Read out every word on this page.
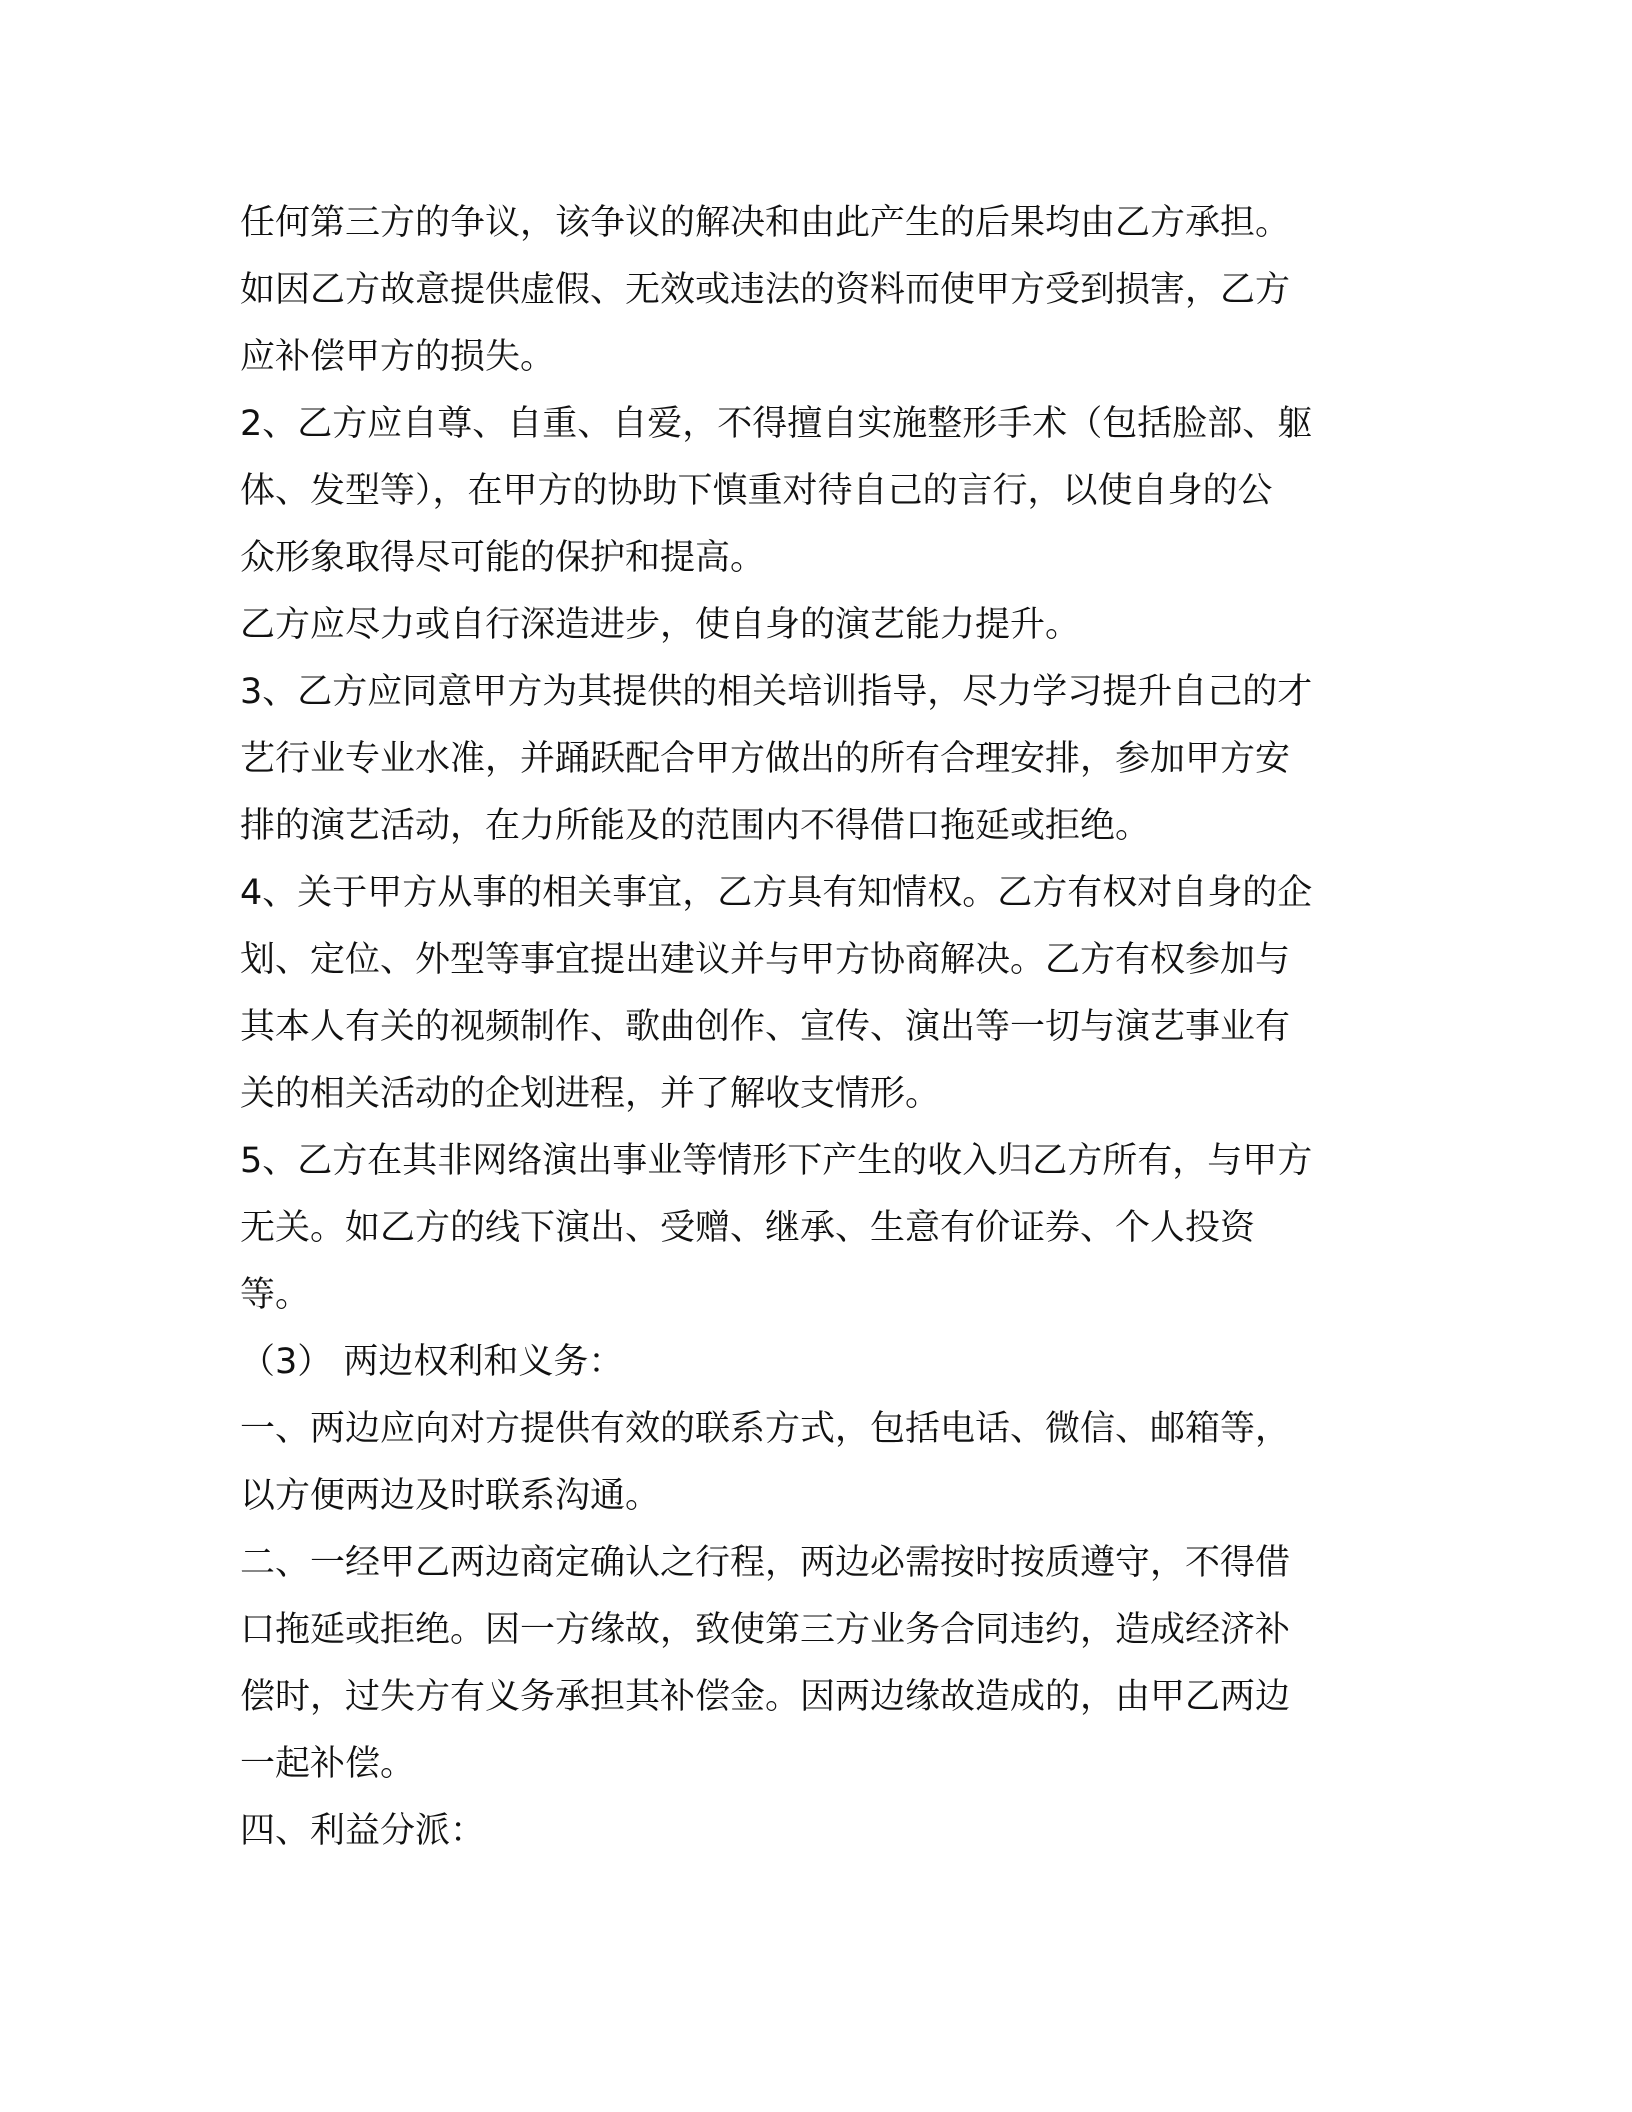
任何第三方的争议，该争议的解决和由此产生的后果均由乙方承担。
如因乙方故意提供虚假、无效或违法的资料而使甲方受到损害，乙方
应补偿甲方的损失。
2、乙方应自尊、自重、自爱，不得擅自实施整形手术（包括脸部、躯
体、发型等），在甲方的协助下慎重对待自己的言行，以使自身的公
众形象取得尽可能的保护和提高。
乙方应尽力或自行深造进步，使自身的演艺能力提升。
3、乙方应同意甲方为其提供的相关培训指导，尽力学习提升自己的才
艺行业专业水准，并踊跃配合甲方做出的所有合理安排，参加甲方安
排的演艺活动，在力所能及的范围内不得借口拖延或拒绝。
4、关于甲方从事的相关事宜，乙方具有知情权。乙方有权对自身的企
划、定位、外型等事宜提出建议并与甲方协商解决。乙方有权参加与
其本人有关的视频制作、歌曲创作、宣传、演出等一切与演艺事业有
关的相关活动的企划进程，并了解收支情形。
5、乙方在其非网络演出事业等情形下产生的收入归乙方所有，与甲方
无关。如乙方的线下演出、受赠、继承、生意有价证券、个人投资
等。
（3） 两边权利和义务：
一、两边应向对方提供有效的联系方式，包括电话、微信、邮箱等，
以方便两边及时联系沟通。
二、一经甲乙两边商定确认之行程，两边必需按时按质遵守，不得借
口拖延或拒绝。因一方缘故，致使第三方业务合同违约，造成经济补
偿时，过失方有义务承担其补偿金。因两边缘故造成的，由甲乙两边
一起补偿。
四、利益分派：
